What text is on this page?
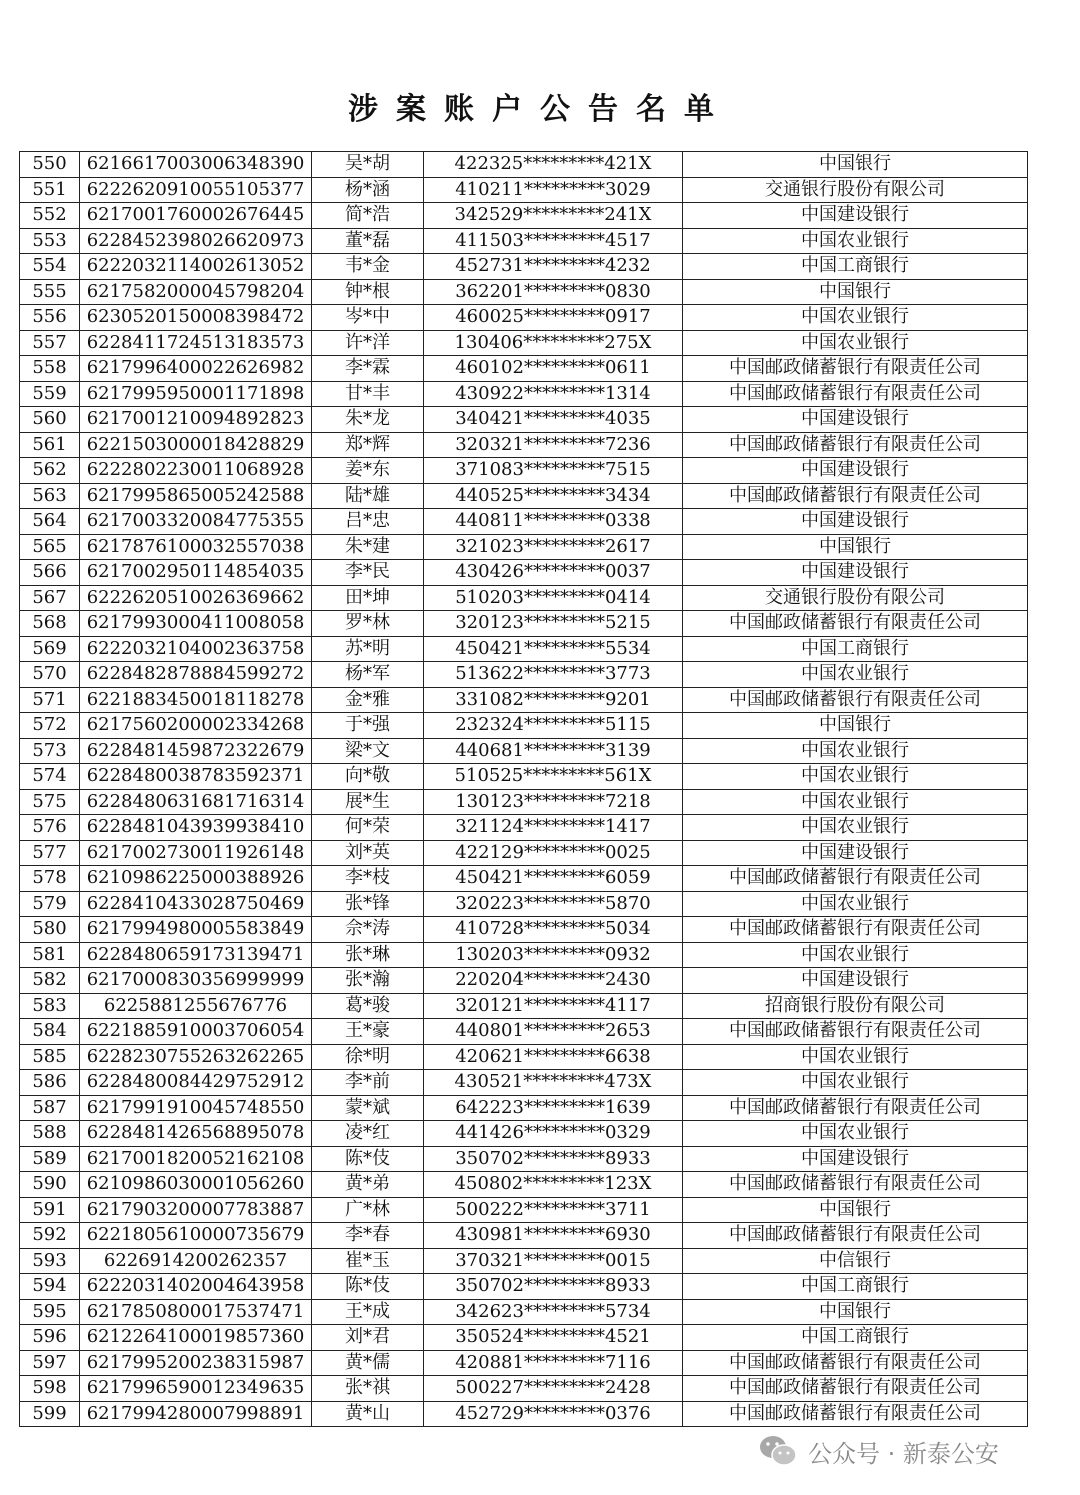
涉案账户公告名单
550	6216617003006348390	吴*胡	422325*********421X	中国银行
551	6222620910055105377	杨*涵	410211*********3029	交通银行股份有限公司
552	6217001760002676445	简*浩	342529*********241X	中国建设银行
553	6228452398026620973	董*磊	411503*********4517	中国农业银行
554	6222032114002613052	韦*金	452731*********4232	中国工商银行
555	6217582000045798204	钟*根	362201*********0830	中国银行
556	6230520150008398472	岑*中	460025*********0917	中国农业银行
557	6228411724513183573	许*洋	130406*********275X	中国农业银行
558	6217996400022626982	李*霖	460102*********0611	中国邮政储蓄银行有限责任公司
559	6217995950001171898	甘*丰	430922*********1314	中国邮政储蓄银行有限责任公司
560	6217001210094892823	朱*龙	340421*********4035	中国建设银行
561	6221503000018428829	郑*辉	320321*********7236	中国邮政储蓄银行有限责任公司
562	6222802230011068928	姜*东	371083*********7515	中国建设银行
563	6217995865005242588	陆*雄	440525*********3434	中国邮政储蓄银行有限责任公司
564	6217003320084775355	吕*忠	440811*********0338	中国建设银行
565	6217876100032557038	朱*建	321023*********2617	中国银行
566	6217002950114854035	李*民	430426*********0037	中国建设银行
567	6222620510026369662	田*坤	510203*********0414	交通银行股份有限公司
568	6217993000411008058	罗*林	320123*********5215	中国邮政储蓄银行有限责任公司
569	6222032104002363758	苏*明	450421*********5534	中国工商银行
570	6228482878884599272	杨*军	513622*********3773	中国农业银行
571	6221883450018118278	金*雅	331082*********9201	中国邮政储蓄银行有限责任公司
572	6217560200002334268	于*强	232324*********5115	中国银行
573	6228481459872322679	梁*文	440681*********3139	中国农业银行
574	6228480038783592371	向*敬	510525*********561X	中国农业银行
575	6228480631681716314	展*生	130123*********7218	中国农业银行
576	6228481043939938410	何*荣	321124*********1417	中国农业银行
577	6217002730011926148	刘*英	422129*********0025	中国建设银行
578	6210986225000388926	李*枝	450421*********6059	中国邮政储蓄银行有限责任公司
579	6228410433028750469	张*锋	320223*********5870	中国农业银行
580	6217994980005583849	佘*涛	410728*********5034	中国邮政储蓄银行有限责任公司
581	6228480659173139471	张*琳	130203*********0932	中国农业银行
582	6217000830356999999	张*瀚	220204*********2430	中国建设银行
583	6225881255676776	葛*骏	320121*********4117	招商银行股份有限公司
584	6221885910003706054	王*豪	440801*********2653	中国邮政储蓄银行有限责任公司
585	6228230755263262265	徐*明	420621*********6638	中国农业银行
586	6228480084429752912	李*前	430521*********473X	中国农业银行
587	6217991910045748550	蒙*斌	642223*********1639	中国邮政储蓄银行有限责任公司
588	6228481426568895078	凌*红	441426*********0329	中国农业银行
589	6217001820052162108	陈*伎	350702*********8933	中国建设银行
590	6210986030001056260	黄*弟	450802*********123X	中国邮政储蓄银行有限责任公司
591	6217903200007783887	广*林	500222*********3711	中国银行
592	6221805610000735679	李*春	430981*********6930	中国邮政储蓄银行有限责任公司
593	6226914200262357	崔*玉	370321*********0015	中信银行
594	6222031402004643958	陈*伎	350702*********8933	中国工商银行
595	6217850800017537471	王*成	342623*********5734	中国银行
596	6212264100019857360	刘*君	350524*********4521	中国工商银行
597	6217995200238315987	黄*儒	420881*********7116	中国邮政储蓄银行有限责任公司
598	6217996590012349635	张*祺	500227*********2428	中国邮政储蓄银行有限责任公司
599	6217994280007998891	黄*山	452729*********0376	中国邮政储蓄银行有限责任公司
公众号 · 新泰公安
